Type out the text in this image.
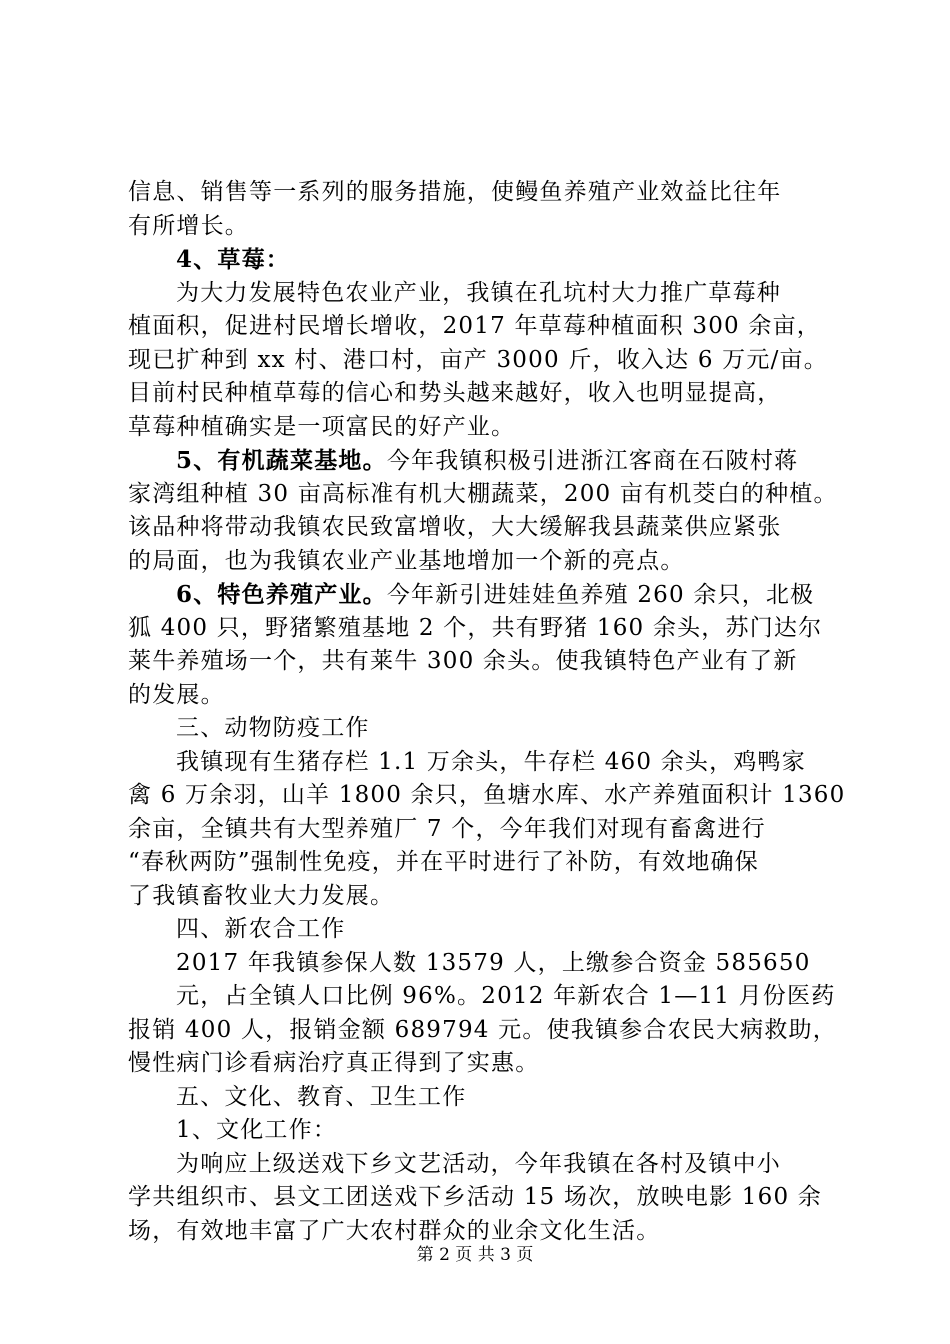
信息、销售等一系列的服务措施，使鳗鱼养殖产业效益比往年
有所增长。
4、草莓：
为大力发展特色农业产业，我镇在孔坑村大力推广草莓种
植面积，促进村民增长增收，2017 年草莓种植面积 300 余亩，
现已扩种到 xx 村、港口村，亩产 3000 斤，收入达 6 万元/亩。
目前村民种植草莓的信心和势头越来越好，收入也明显提高，
草莓种植确实是一项富民的好产业。
5、有机蔬菜基地。今年我镇积极引进浙江客商在石陂村蒋
家湾组种植 30 亩高标准有机大棚蔬菜，200 亩有机茭白的种植。
该品种将带动我镇农民致富增收，大大缓解我县蔬菜供应紧张
的局面，也为我镇农业产业基地增加一个新的亮点。
6、特色养殖产业。今年新引进娃娃鱼养殖 260 余只，北极
狐 400 只，野猪繁殖基地 2 个，共有野猪 160 余头，苏门达尔
莱牛养殖场一个，共有莱牛 300 余头。使我镇特色产业有了新
的发展。
三、动物防疫工作
我镇现有生猪存栏 1.1 万余头，牛存栏 460 余头，鸡鸭家
禽 6 万余羽，山羊 1800 余只，鱼塘水库、水产养殖面积计 1360
余亩，全镇共有大型养殖厂 7 个，今年我们对现有畜禽进行
“春秋两防”强制性免疫，并在平时进行了补防，有效地确保
了我镇畜牧业大力发展。
四、新农合工作
2017 年我镇参保人数 13579 人，上缴参合资金 585650
元，占全镇人口比例 96%。2012 年新农合 1—11 月份医药
报销 400 人，报销金额 689794 元。使我镇参合农民大病救助，
慢性病门诊看病治疗真正得到了实惠。
五、文化、教育、卫生工作
1、文化工作：
为响应上级送戏下乡文艺活动，今年我镇在各村及镇中小
学共组织市、县文工团送戏下乡活动 15 场次，放映电影 160 余
场，有效地丰富了广大农村群众的业余文化生活。
第 2 页 共 3 页
